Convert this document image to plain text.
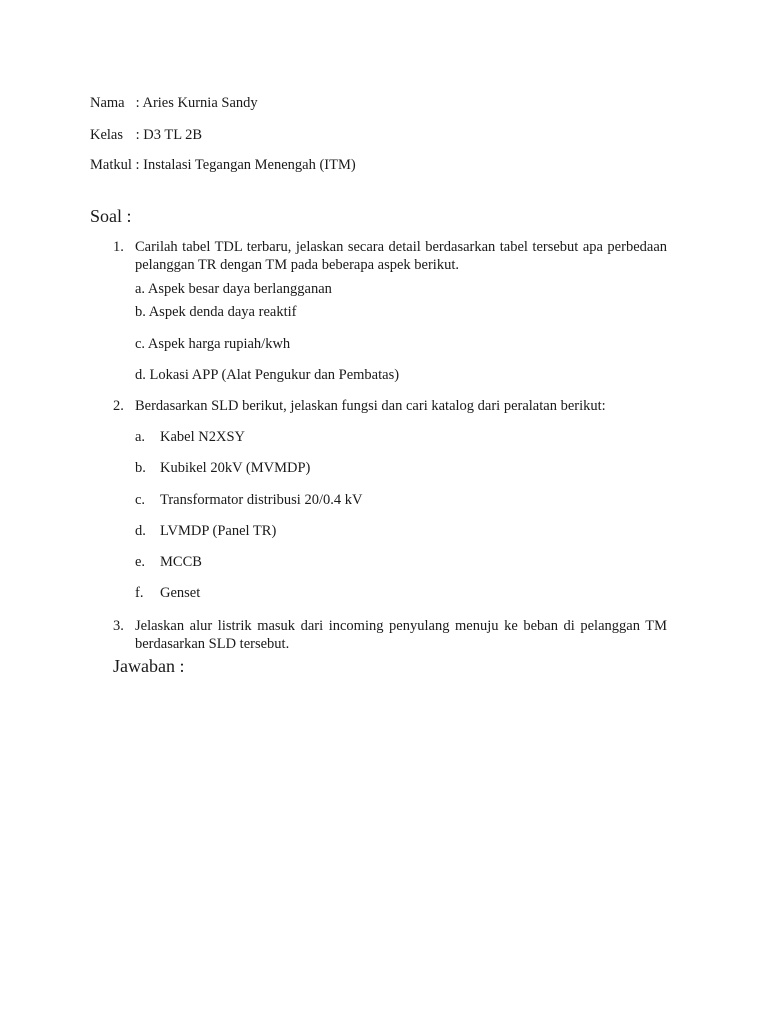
Nama : Aries Kurnia Sandy
Kelas : D3 TL 2B
Matkul : Instalasi Tegangan Menengah (ITM)
Soal :
1. Carilah tabel TDL terbaru, jelaskan secara detail berdasarkan tabel tersebut apa perbedaan
pelanggan TR dengan TM pada beberapa aspek berikut.
a. Aspek besar daya berlangganan
b. Aspek denda daya reaktif
c. Aspek harga rupiah/kwh
d. Lokasi APP (Alat Pengukur dan Pembatas)
2. Berdasarkan SLD berikut, jelaskan fungsi dan cari katalog dari peralatan berikut:
a. Kabel N2XSY
b. Kubikel 20kV (MVMDP)
c. Transformator distribusi 20/0.4 kV
d. LVMDP (Panel TR)
e. MCCB
f. Genset
3. Jelaskan alur listrik masuk dari incoming penyulang menuju ke beban di pelanggan TM
berdasarkan SLD tersebut.
Jawaban :
